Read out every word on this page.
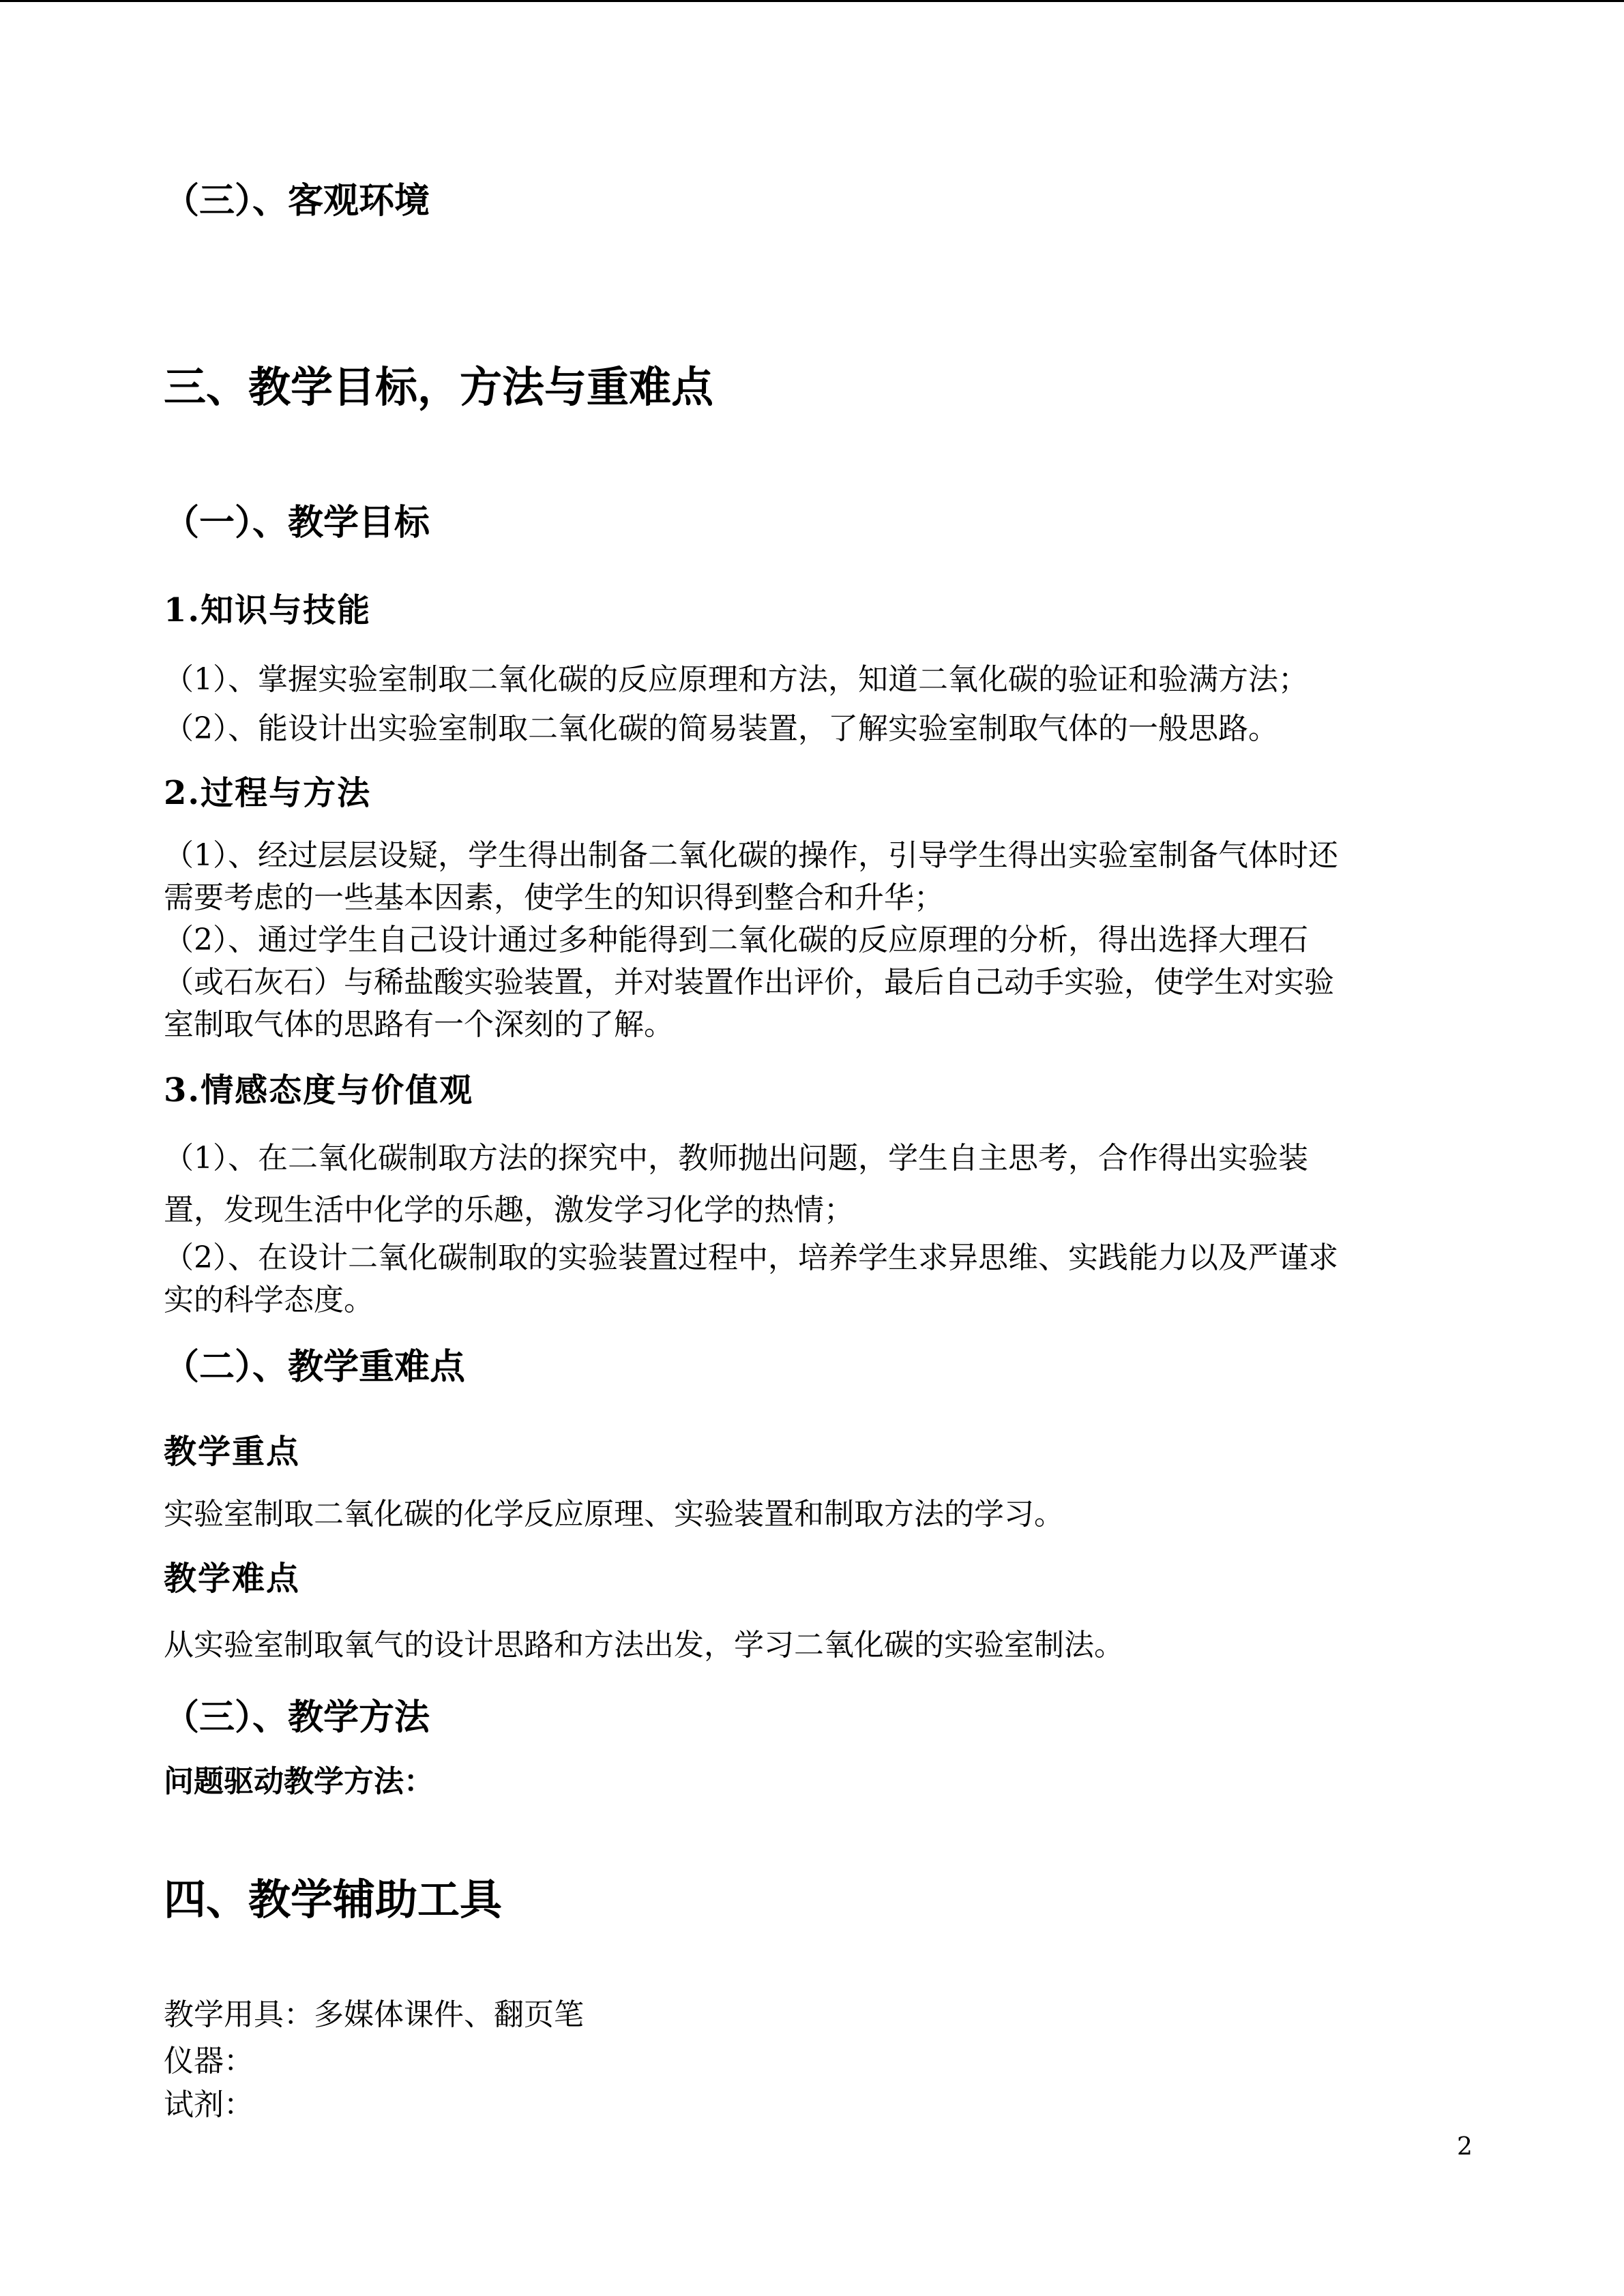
（三）、客观环境
三、教学目标，方法与重难点
（一）、教学目标
1.知识与技能
（1）、掌握实验室制取二氧化碳的反应原理和方法，知道二氧化碳的验证和验满方法；
（2）、能设计出实验室制取二氧化碳的简易装置，了解实验室制取气体的一般思路。
2.过程与方法
（1）、经过层层设疑，学生得出制备二氧化碳的操作，引导学生得出实验室制备气体时还
需要考虑的一些基本因素，使学生的知识得到整合和升华；
（2）、通过学生自己设计通过多种能得到二氧化碳的反应原理的分析，得出选择大理石
（或石灰石）与稀盐酸实验装置，并对装置作出评价，最后自己动手实验，使学生对实验
室制取气体的思路有一个深刻的了解。
3.情感态度与价值观
（1）、在二氧化碳制取方法的探究中，教师抛出问题，学生自主思考，合作得出实验装
置，发现生活中化学的乐趣，激发学习化学的热情；
（2）、在设计二氧化碳制取的实验装置过程中，培养学生求异思维、实践能力以及严谨求
实的科学态度。
（二）、教学重难点
教学重点
实验室制取二氧化碳的化学反应原理、实验装置和制取方法的学习。
教学难点
从实验室制取氧气的设计思路和方法出发，学习二氧化碳的实验室制法。
（三）、教学方法
问题驱动教学方法：
四、教学辅助工具
教学用具：多媒体课件、翻页笔
仪器：
试剂：
2
